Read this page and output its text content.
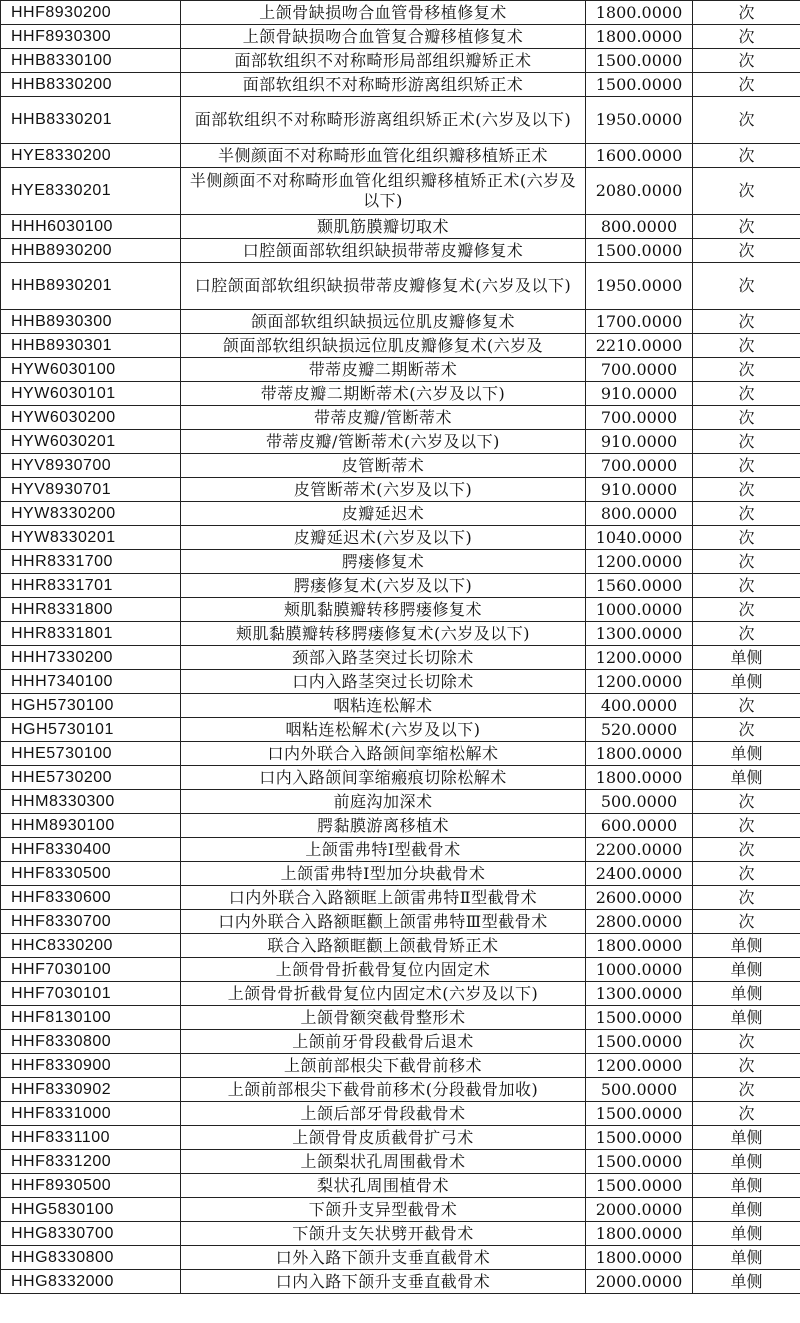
HHF8930200	上颌骨缺损吻合血管骨移植修复术	1800.0000	次
HHF8930300	上颌骨缺损吻合血管复合瓣移植修复术	1800.0000	次
HHB8330100	面部软组织不对称畸形局部组织瓣矫正术	1500.0000	次
HHB8330200	面部软组织不对称畸形游离组织矫正术	1500.0000	次
HHB8330201	面部软组织不对称畸形游离组织矫正术(六岁及以下)	1950.0000	次
HYE8330200	半侧颜面不对称畸形血管化组织瓣移植矫正术	1600.0000	次
HYE8330201	半侧颜面不对称畸形血管化组织瓣移植矫正术(六岁及以下)	2080.0000	次
HHH6030100	颞肌筋膜瓣切取术	800.0000	次
HHB8930200	口腔颌面部软组织缺损带蒂皮瓣修复术	1500.0000	次
HHB8930201	口腔颌面部软组织缺损带蒂皮瓣修复术(六岁及以下)	1950.0000	次
HHB8930300	颌面部软组织缺损远位肌皮瓣修复术	1700.0000	次
HHB8930301	颌面部软组织缺损远位肌皮瓣修复术(六岁及	2210.0000	次
HYW6030100	带蒂皮瓣二期断蒂术	700.0000	次
HYW6030101	带蒂皮瓣二期断蒂术(六岁及以下)	910.0000	次
HYW6030200	带蒂皮瓣/管断蒂术	700.0000	次
HYW6030201	带蒂皮瓣/管断蒂术(六岁及以下)	910.0000	次
HYV8930700	皮管断蒂术	700.0000	次
HYV8930701	皮管断蒂术(六岁及以下)	910.0000	次
HYW8330200	皮瓣延迟术	800.0000	次
HYW8330201	皮瓣延迟术(六岁及以下)	1040.0000	次
HHR8331700	腭瘘修复术	1200.0000	次
HHR8331701	腭瘘修复术(六岁及以下)	1560.0000	次
HHR8331800	颊肌黏膜瓣转移腭瘘修复术	1000.0000	次
HHR8331801	颊肌黏膜瓣转移腭瘘修复术(六岁及以下)	1300.0000	次
HHH7330200	颈部入路茎突过长切除术	1200.0000	单侧
HHH7340100	口内入路茎突过长切除术	1200.0000	单侧
HGH5730100	咽粘连松解术	400.0000	次
HGH5730101	咽粘连松解术(六岁及以下)	520.0000	次
HHE5730100	口内外联合入路颌间挛缩松解术	1800.0000	单侧
HHE5730200	口内入路颌间挛缩瘢痕切除松解术	1800.0000	单侧
HHM8330300	前庭沟加深术	500.0000	次
HHM8930100	腭黏膜游离移植术	600.0000	次
HHF8330400	上颌雷弗特Ⅰ型截骨术	2200.0000	次
HHF8330500	上颌雷弗特Ⅰ型加分块截骨术	2400.0000	次
HHF8330600	口内外联合入路额眶上颌雷弗特Ⅱ型截骨术	2600.0000	次
HHF8330700	口内外联合入路额眶颧上颌雷弗特Ⅲ型截骨术	2800.0000	次
HHC8330200	联合入路额眶颧上颌截骨矫正术	1800.0000	单侧
HHF7030100	上颌骨骨折截骨复位内固定术	1000.0000	单侧
HHF7030101	上颌骨骨折截骨复位内固定术(六岁及以下)	1300.0000	单侧
HHF8130100	上颌骨额突截骨整形术	1500.0000	单侧
HHF8330800	上颌前牙骨段截骨后退术	1500.0000	次
HHF8330900	上颌前部根尖下截骨前移术	1200.0000	次
HHF8330902	上颌前部根尖下截骨前移术(分段截骨加收)	500.0000	次
HHF8331000	上颌后部牙骨段截骨术	1500.0000	次
HHF8331100	上颌骨骨皮质截骨扩弓术	1500.0000	单侧
HHF8331200	上颌梨状孔周围截骨术	1500.0000	单侧
HHF8930500	梨状孔周围植骨术	1500.0000	单侧
HHG5830100	下颌升支异型截骨术	2000.0000	单侧
HHG8330700	下颌升支矢状劈开截骨术	1800.0000	单侧
HHG8330800	口外入路下颌升支垂直截骨术	1800.0000	单侧
HHG8332000	口内入路下颌升支垂直截骨术	2000.0000	单侧
